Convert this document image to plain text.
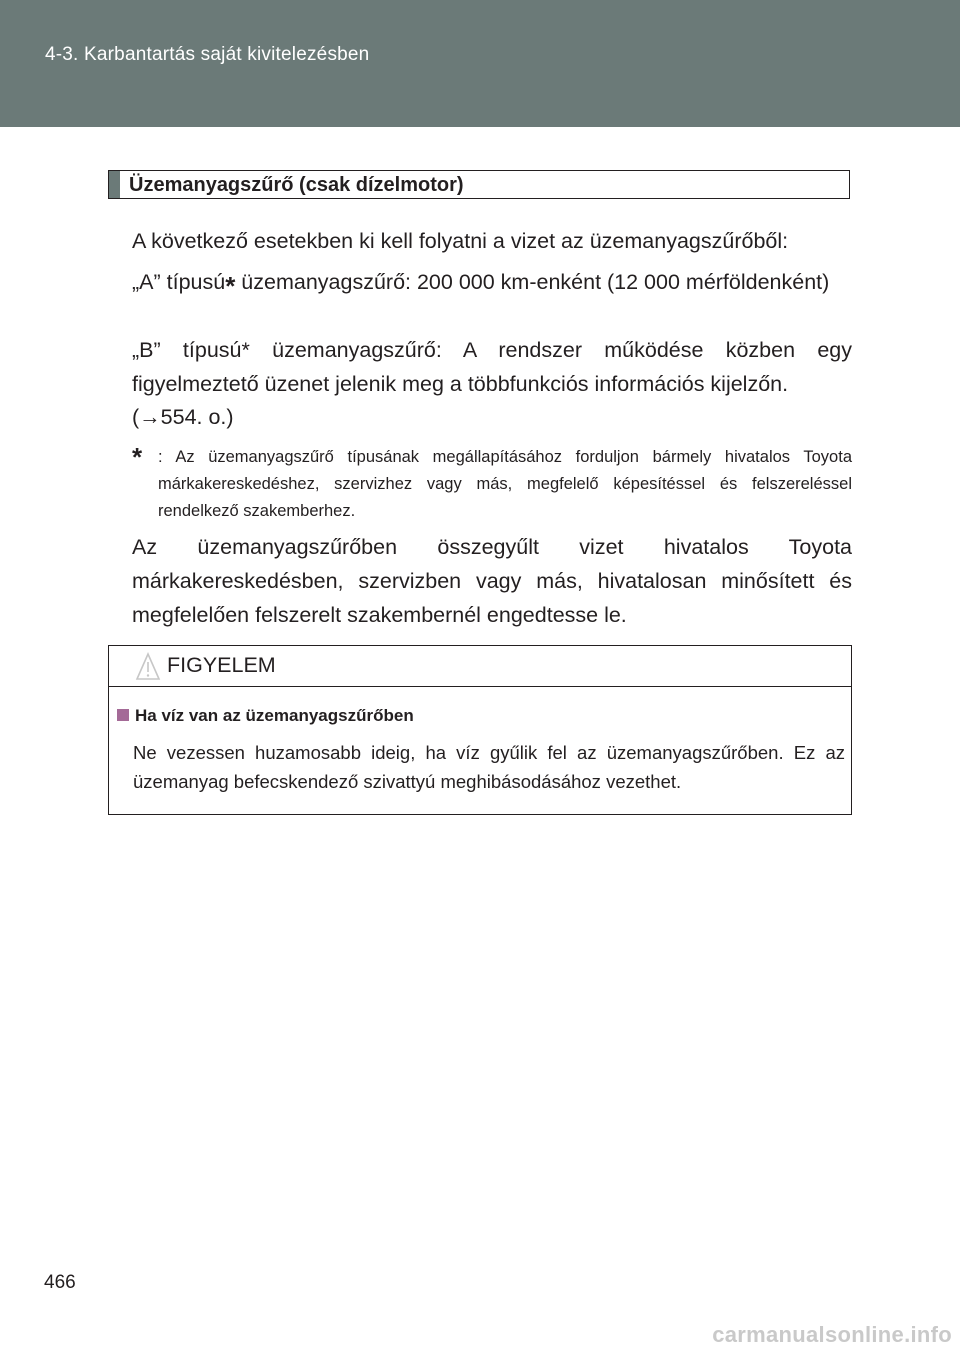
4-3. Karbantartás saját kivitelezésben
Üzemanyagszűrő (csak dízelmotor)
A következő esetekben ki kell folyatni a vizet az üzemanyagszűrőből:
„A” típusú* üzemanyagszűrő: 200 000 km-enként (12 000 mérföldenként)
„B” típusú* üzemanyagszűrő: A rendszer működése közben egy figyelmeztető üzenet jelenik meg a többfunkciós információs kijelzőn.
(→554. o.)
* : Az üzemanyagszűrő típusának megállapításához forduljon bármely hivatalos Toyota márkakereskedéshez, szervizhez vagy más, megfelelő képesítéssel és felszereléssel rendelkező szakemberhez.
Az üzemanyagszűrőben összegyűlt vizet hivatalos Toyota márkakereskedésben, szervizben vagy más, hivatalosan minősített és megfelelően felszerelt szakembernél engedtesse le.
FIGYELEM
Ha víz van az üzemanyagszűrőben
Ne vezessen huzamosabb ideig, ha víz gyűlik fel az üzemanyagszűrőben. Ez az üzemanyag befecskendező szivattyú meghibásodásához vezethet.
466
carmanualsonline.info
